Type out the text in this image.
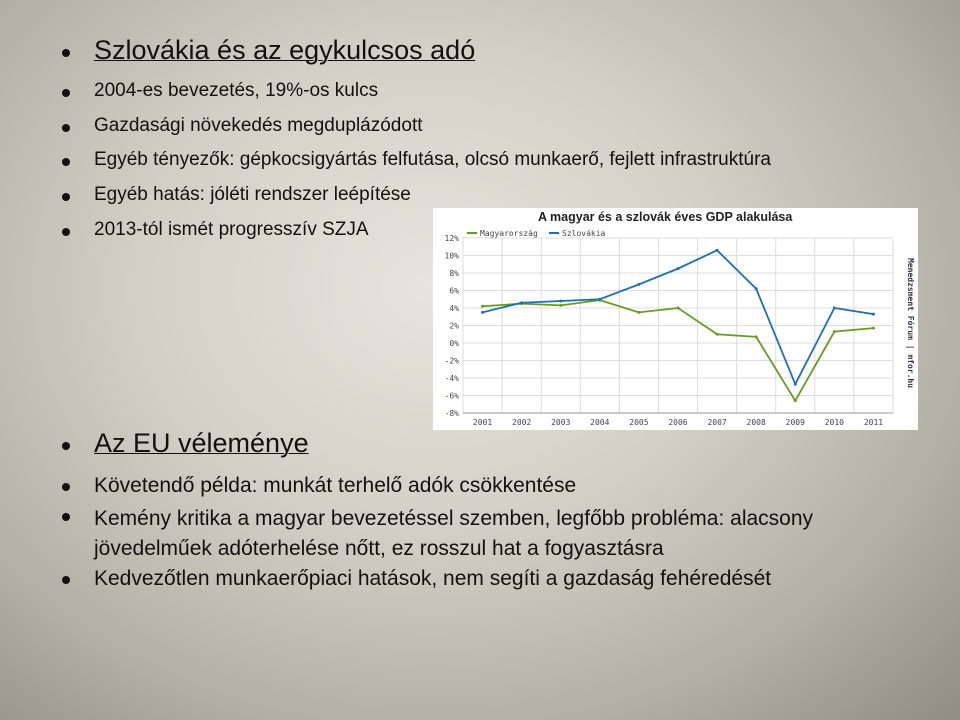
Szlovákia és az egykulcsos adó
2004-es bevezetés, 19%-os kulcs
Gazdasági növekedés megduplázódott
Egyéb tényezők: gépkocsigyártás felfutása, olcsó munkaerő, fejlett infrastruktúra
Egyéb hatás: jóléti rendszer leépítése
2013-tól ismét progresszív SZJA
A magyar és a szlovák éves GDP alakulása
Magyarország	Szlovákia
12%
10%
8%
6%
4%
2%
0%
-2%
-4%
-6%
-8%
2001 2002 2003 2004 2005 2006 2007 2008 2009 2010 2011
Menedzsment Fórum | mfor.hu
Az EU véleménye
Követendő példa: munkát terhelő adók csökkentése
Kemény kritika a magyar bevezetéssel szemben, legfőbb probléma: alacsony jövedelműek adóterhelése nőtt, ez rosszul hat a fogyasztásra
Kedvezőtlen munkaerőpiaci hatások, nem segíti a gazdaság fehéredését
